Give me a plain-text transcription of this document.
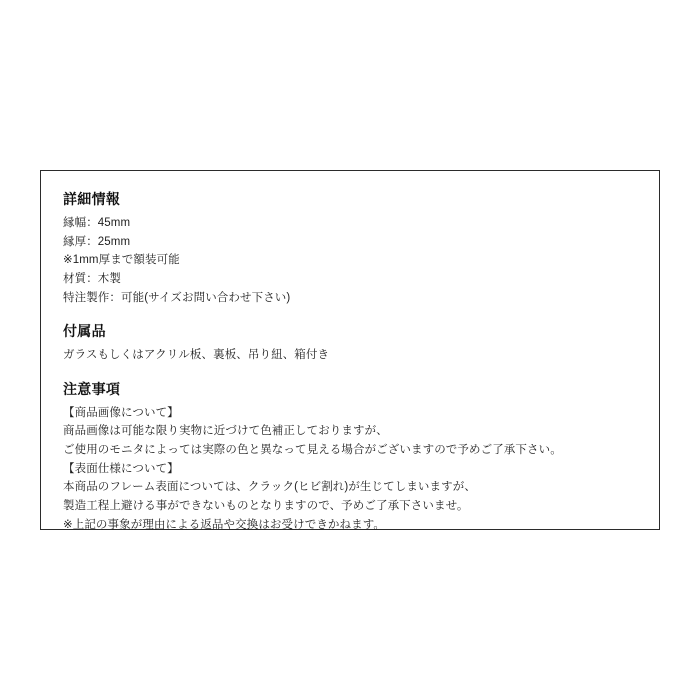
詳細情報
縁幅：45mm
縁厚：25mm
※1mm厚まで額装可能
材質：木製
特注製作：可能(サイズお問い合わせ下さい)
付属品
ガラスもしくはアクリル板、裏板、吊り紐、箱付き
注意事項
【商品画像について】
商品画像は可能な限り実物に近づけて色補正しておりますが、
ご使用のモニタによっては実際の色と異なって見える場合がございますので予めご了承下さい。
【表面仕様について】
本商品のフレーム表面については、クラック(ヒビ割れ)が生じてしまいますが、
製造工程上避ける事ができないものとなりますので、予めご了承下さいませ。
※上記の事象が理由による返品や交換はお受けできかねます。
